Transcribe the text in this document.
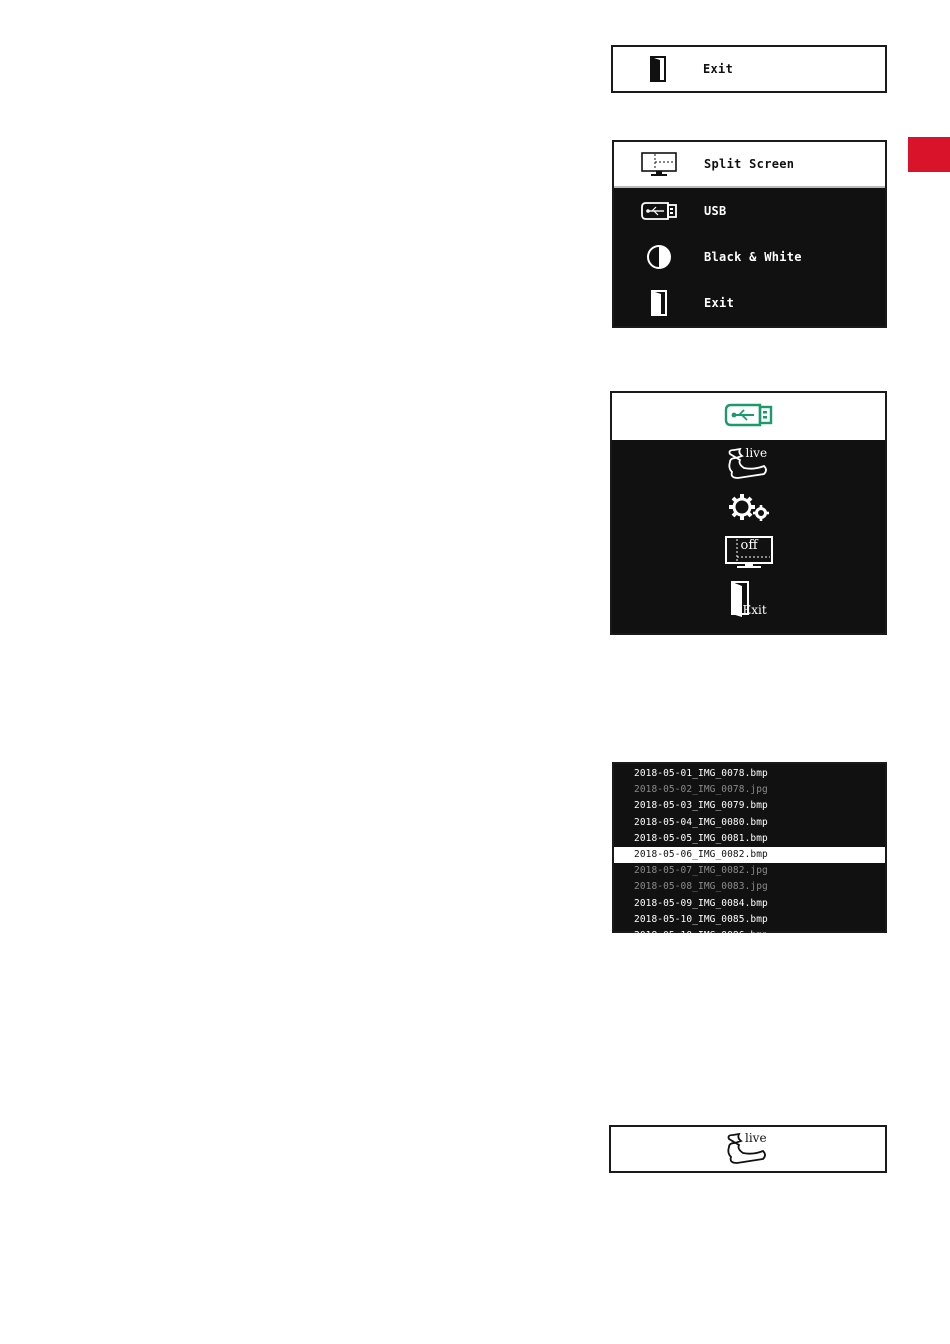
Exit
Split Screen
USB
Black & White
Exit
live
off
Exit
2018-05-01_IMG_0078.bmp
2018-05-02_IMG_0078.jpg
2018-05-03_IMG_0079.bmp
2018-05-04_IMG_0080.bmp
2018-05-05_IMG_0081.bmp
2018-05-06_IMG_0082.bmp
2018-05-07_IMG_0082.jpg
2018-05-08_IMG_0083.jpg
2018-05-09_IMG_0084.bmp
2018-05-10_IMG_0085.bmp
2018-05-10_IMG_0086.bmp
live
